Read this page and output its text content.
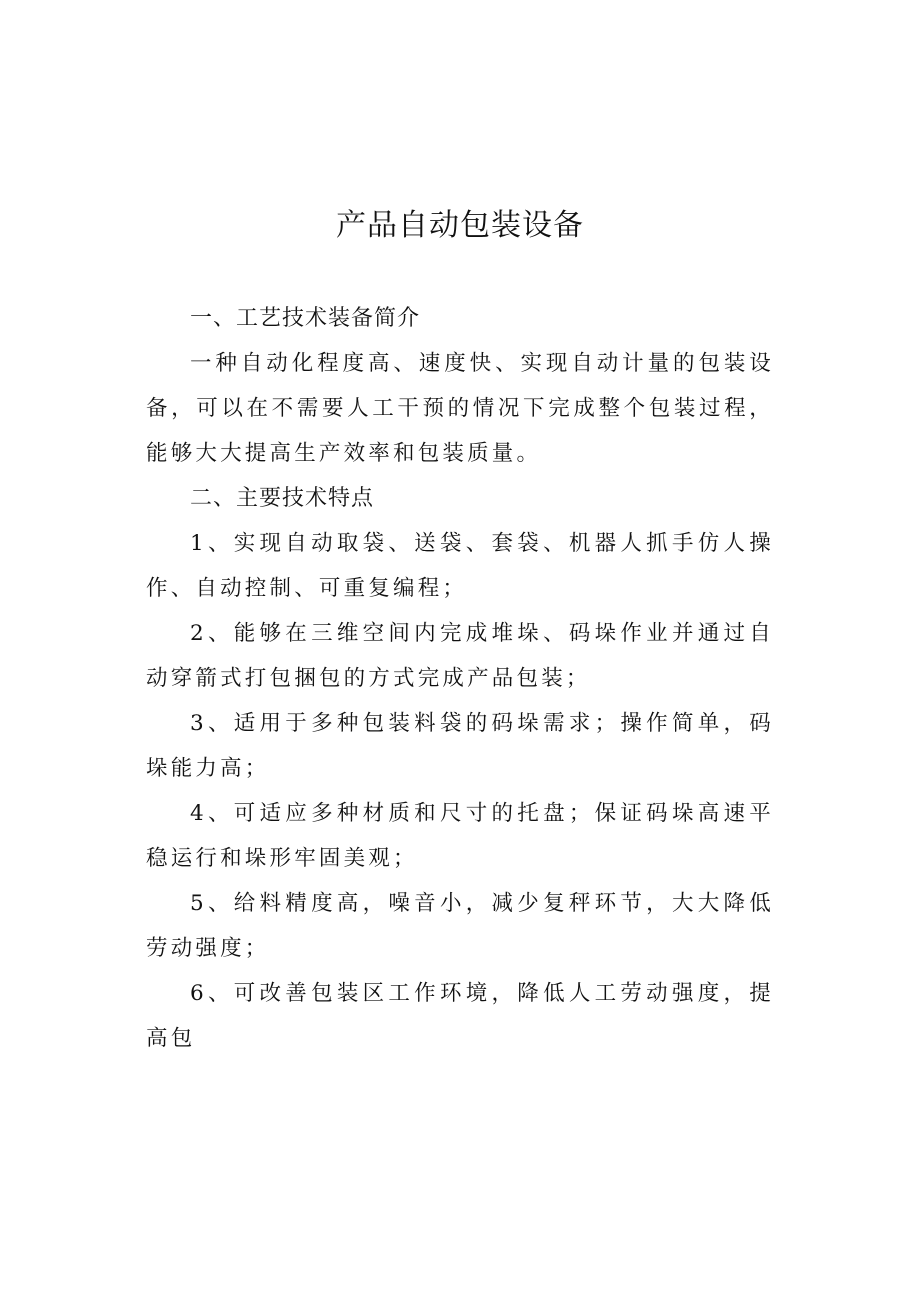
产品自动包装设备
一、工艺技术装备简介

一种自动化程度高、速度快、实现自动计量的包装设备，可以在不需要人工干预的情况下完成整个包装过程，能够大大提高生产效率和包装质量。

二、主要技术特点

1、实现自动取袋、送袋、套袋、机器人抓手仿人操作、自动控制、可重复编程；

2、能够在三维空间内完成堆垛、码垛作业并通过自动穿箭式打包捆包的方式完成产品包装；

3、适用于多种包装料袋的码垛需求；操作简单，码垛能力高；

4、可适应多种材质和尺寸的托盘；保证码垛高速平稳运行和垛形牢固美观；

5、给料精度高，噪音小，减少复秤环节，大大降低劳动强度；

6、可改善包装区工作环境，降低人工劳动强度，提高包
